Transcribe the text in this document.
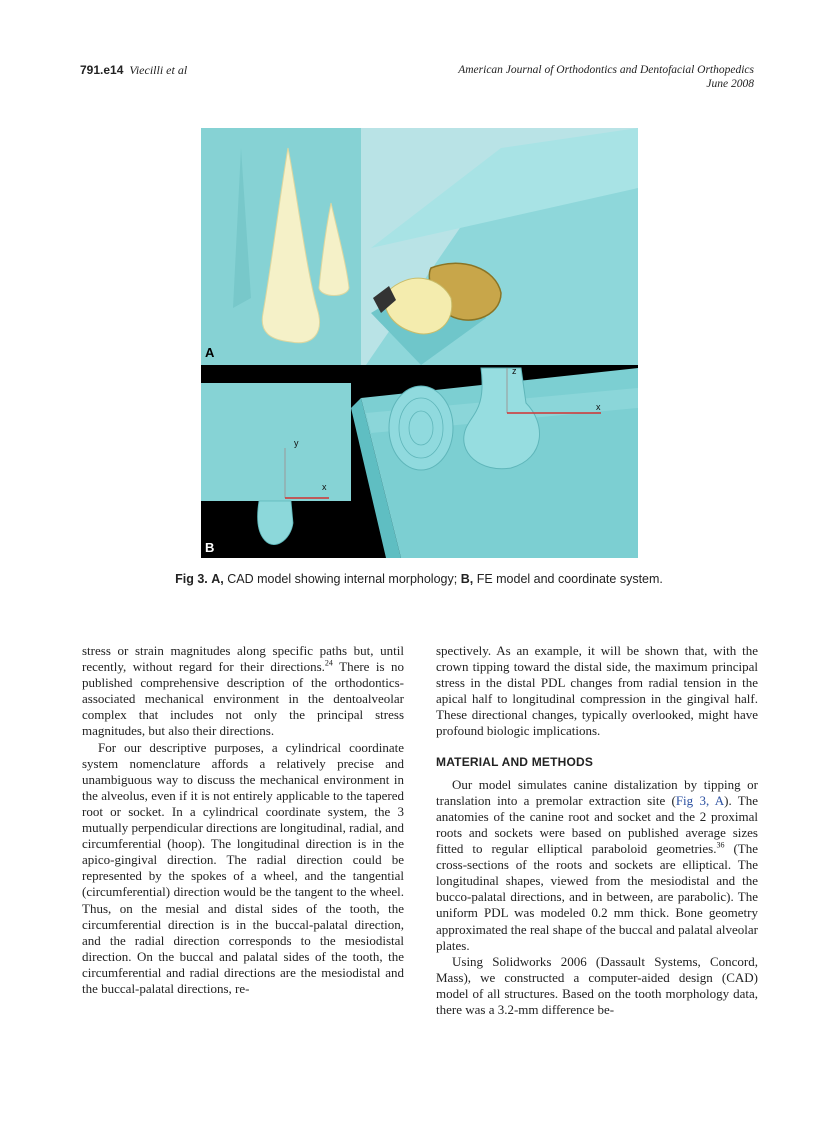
791.e14 Viecilli et al	American Journal of Orthodontics and Dentofacial Orthopedics
June 2008
A
y
x
z
x
B
Fig 3. A, CAD model showing internal morphology; B, FE model and coordinate system.

stress or strain magnitudes along specific paths but, until recently, without regard for their directions.$^{24}$ There is no published comprehensive description of the orthodontics-associated mechanical environment in the dentoalveolar complex that includes not only the principal stress magnitudes, but also their directions.

For our descriptive purposes, a cylindrical coordinate system nomenclature affords a relatively precise and unambiguous way to discuss the mechanical environment in the alveolus, even if it is not entirely applicable to the tapered root or socket. In a cylindrical coordinate system, the 3 mutually perpendicular directions are longitudinal, radial, and circumferential (hoop). The longitudinal direction is in the apico-gingival direction. The radial direction could be represented by the spokes of a wheel, and the tangential (circumferential) direction would be the tangent to the wheel. Thus, on the mesial and distal sides of the tooth, the circumferential direction is in the buccal-palatal direction, and the radial direction corresponds to the mesiodistal direction. On the buccal and palatal sides of the tooth, the circumferential and radial directions are the mesiodistal and the buccal-palatal directions, re-

spectively. As an example, it will be shown that, with the crown tipping toward the distal side, the maximum principal stress in the distal PDL changes from radial tension in the apical half to longitudinal compression in the gingival half. These directional changes, typically overlooked, might have profound biologic implications.

MATERIAL AND METHODS

Our model simulates canine distalization by tipping or translation into a premolar extraction site (Fig 3, A). The anatomies of the canine root and socket and the 2 proximal roots and sockets were based on published average sizes fitted to regular elliptical paraboloid geometries.$^{36}$ (The cross-sections of the roots and sockets are elliptical. The longitudinal shapes, viewed from the mesiodistal and the bucco-palatal directions, and in between, are parabolic). The uniform PDL was modeled 0.2 mm thick. Bone geometry approximated the real shape of the buccal and palatal alveolar plates.

Using Solidworks 2006 (Dassault Systems, Concord, Mass), we constructed a computer-aided design (CAD) model of all structures. Based on the tooth morphology data, there was a 3.2-mm difference be-
